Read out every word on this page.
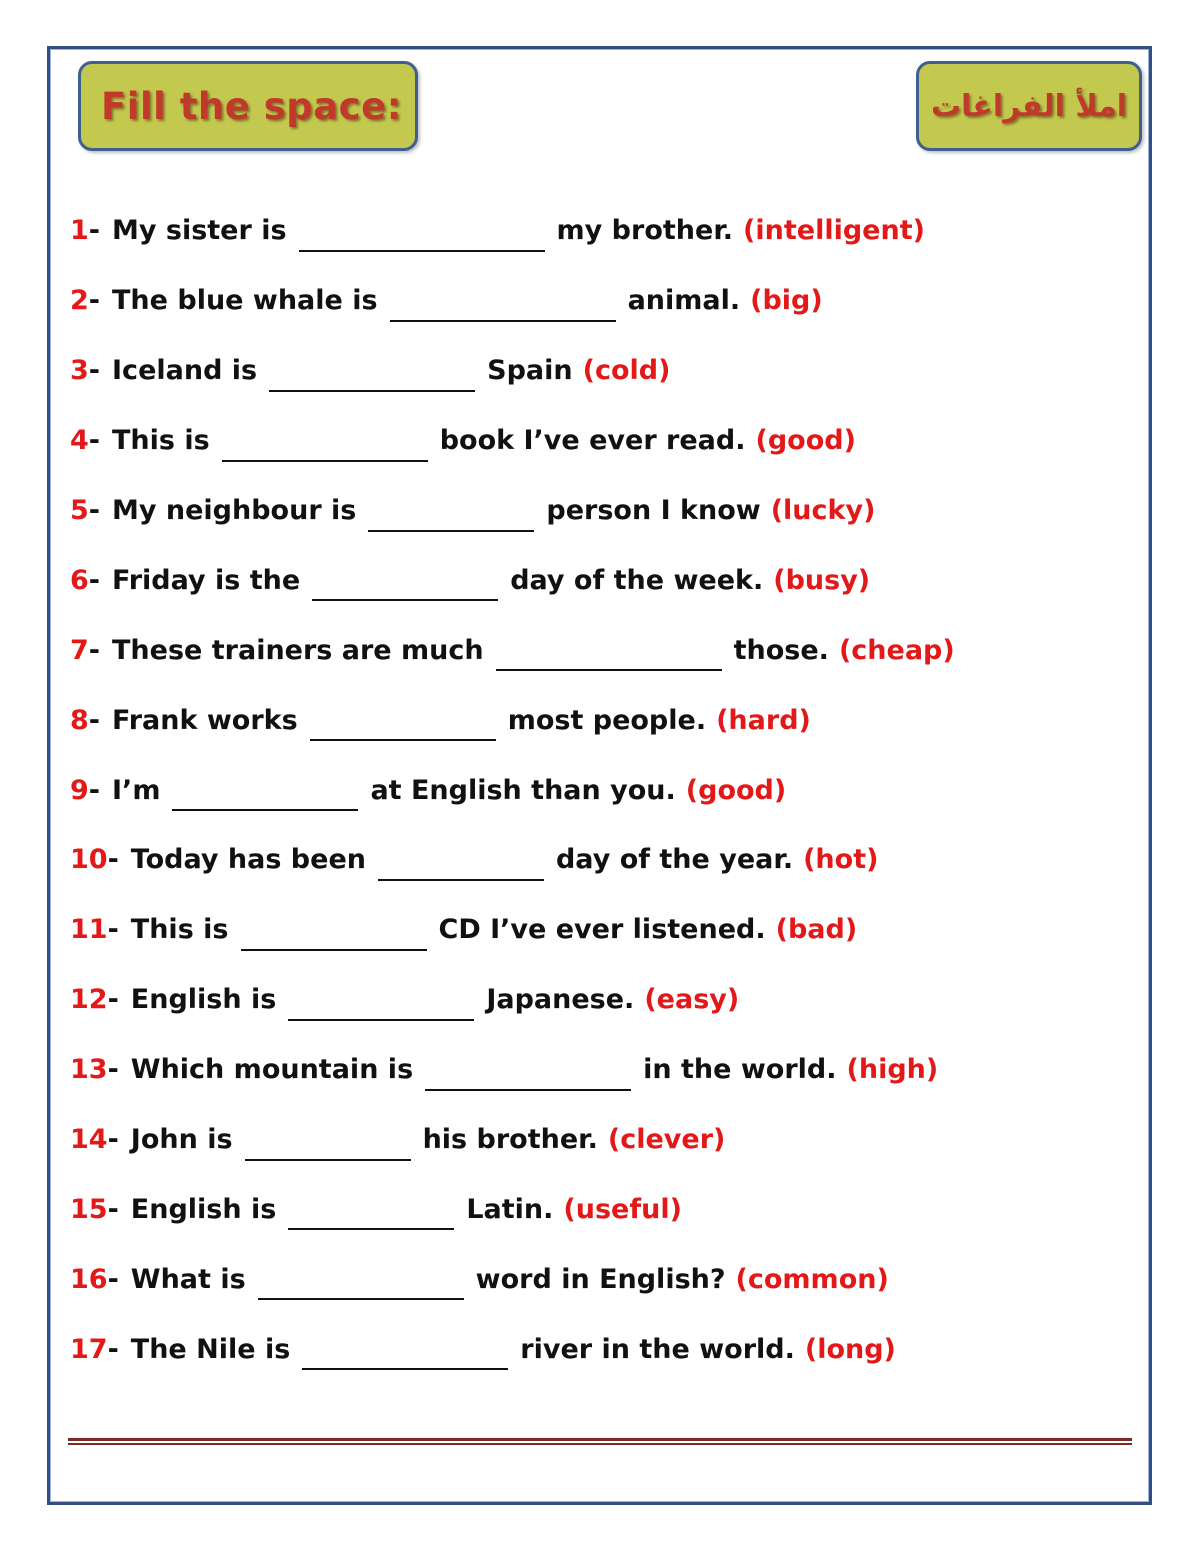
Fill the space:	املأ الفراغات
1 - My sister is	my brother. (intelligent)
2 - The blue whale is	animal. (big)
3 - Iceland is	Spain (cold)
4 - This is	book I’ve ever read. (good)
5 - My neighbour is	person I know (lucky)
6 - Friday is the	day of the week. (busy)
7 - These trainers are much	those. (cheap)
8 - Frank works	most people. (hard)
9 - I’m	at English than you. (good)
10 - Today has been	day of the year. (hot)
11 - This is	CD I’ve ever listened. (bad)
12 - English is	Japanese. (easy)
13 - Which mountain is	in the world. (high)
14 - John is	his brother. (clever)
15 - English is	Latin. (useful)
16 - What is	word in English? (common)
17 - The Nile is	river in the world. (long)
